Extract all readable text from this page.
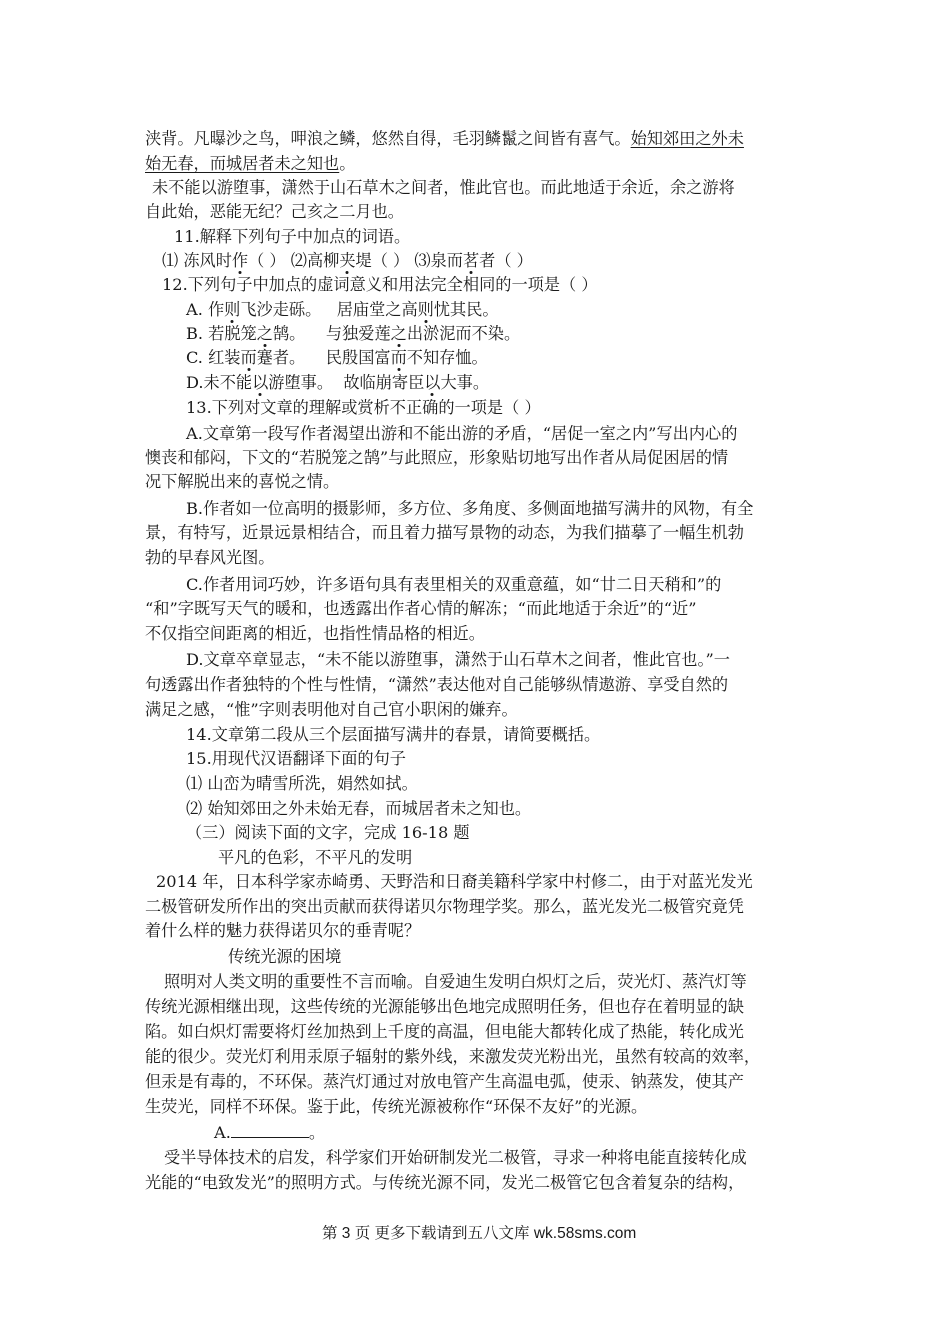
浃背。凡曝沙之鸟，呷浪之鳞，悠然自得，毛羽鳞鬣之间皆有喜气。始知郊田之外未
始无春，而城居者未之知也。
未不能以游堕事，潇然于山石草木之间者，惟此官也。而此地适于余近，余之游将
自此始，恶能无纪？己亥之二月也。
11.解释下列句子中加点的词语。
⑴ 冻风时作（ ） ⑵高柳夹堤（ ） ⑶泉而茗者（ ）
12.下列句子中加点的虚词意义和用法完全相同的一项是（ ）
A. 作则飞沙走砾。 居庙堂之高则忧其民。
B. 若脱笼之鹄。 与独爱莲之出淤泥而不染。
C. 红装而蹇者。 民殷国富而不知存恤。
D.未不能以游堕事。 故临崩寄臣以大事。
13.下列对文章的理解或赏析不正确的一项是（ ）
A.文章第一段写作者渴望出游和不能出游的矛盾，“居促一室之内”写出内心的
懊丧和郁闷，下文的“若脱笼之鹄”与此照应，形象贴切地写出作者从局促困居的情
况下解脱出来的喜悦之情。
B.作者如一位高明的摄影师，多方位、多角度、多侧面地描写满井的风物，有全
景，有特写，近景远景相结合，而且着力描写景物的动态，为我们描摹了一幅生机勃
勃的早春风光图。
C.作者用词巧妙，许多语句具有表里相关的双重意蕴，如“廿二日天稍和”的
“和”字既写天气的暖和，也透露出作者心情的解冻；“而此地适于余近”的“近”
不仅指空间距离的相近，也指性情品格的相近。
D.文章卒章显志，“未不能以游堕事，潇然于山石草木之间者，惟此官也。”一
句透露出作者独特的个性与性情，“潇然”表达他对自己能够纵情遨游、享受自然的
满足之感，“惟”字则表明他对自己官小职闲的嫌弃。
14.文章第二段从三个层面描写满井的春景，请简要概括。
15.用现代汉语翻译下面的句子
⑴ 山峦为晴雪所洗，娟然如拭。
⑵ 始知郊田之外未始无春，而城居者未之知也。
（三）阅读下面的文字，完成 16-18 题
平凡的色彩，不平凡的发明
2014 年，日本科学家赤崎勇、天野浩和日裔美籍科学家中村修二，由于对蓝光发光
二极管研发所作出的突出贡献而获得诺贝尔物理学奖。那么，蓝光发光二极管究竟凭
着什么样的魅力获得诺贝尔的垂青呢？
传统光源的困境
照明对人类文明的重要性不言而喻。自爱迪生发明白炽灯之后，荧光灯、蒸汽灯等
传统光源相继出现，这些传统的光源能够出色地完成照明任务，但也存在着明显的缺
陷。如白炽灯需要将灯丝加热到上千度的高温，但电能大都转化成了热能，转化成光
能的很少。荧光灯利用汞原子辐射的紫外线，来激发荧光粉出光，虽然有较高的效率，
但汞是有毒的，不环保。蒸汽灯通过对放电管产生高温电弧，使汞、钠蒸发，使其产
生荧光，同样不环保。鉴于此，传统光源被称作“环保不友好”的光源。
A.	。
受半导体技术的启发，科学家们开始研制发光二极管，寻求一种将电能直接转化成
光能的“电致发光”的照明方式。与传统光源不同，发光二极管它包含着复杂的结构，
第 3 页 更多下载请到五八文库 wk.58sms.com
